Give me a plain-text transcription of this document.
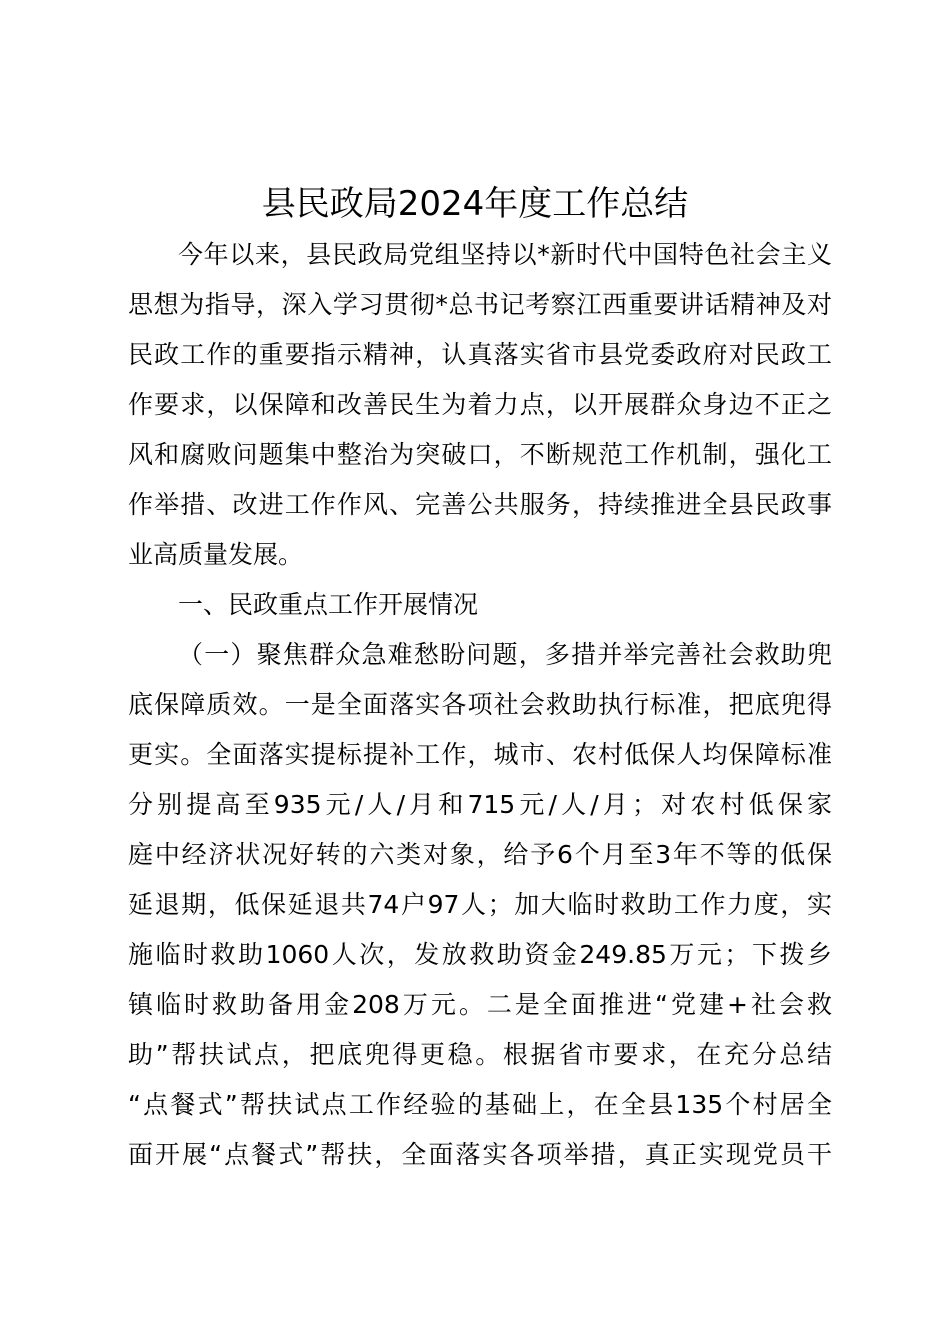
县民政局2024年度工作总结
今年以来，县民政局党组坚持以*新时代中国特色社会主义
思想为指导，深入学习贯彻*总书记考察江西重要讲话精神及对
民政工作的重要指示精神，认真落实省市县党委政府对民政工
作要求，以保障和改善民生为着力点，以开展群众身边不正之
风和腐败问题集中整治为突破口，不断规范工作机制，强化工
作举措、改进工作作风、完善公共服务，持续推进全县民政事
业高质量发展。
一、民政重点工作开展情况
（一）聚焦群众急难愁盼问题，多措并举完善社会救助兜
底保障质效。一是全面落实各项社会救助执行标准，把底兜得
更实。全面落实提标提补工作，城市、农村低保人均保障标准
分别提高至935元/人/月和715元/人/月；对农村低保家
庭中经济状况好转的六类对象，给予6个月至3年不等的低保
延退期，低保延退共74户97人；加大临时救助工作力度，实
施临时救助1060人次，发放救助资金249.85万元；下拨乡
镇临时救助备用金208万元。二是全面推进“党建+社会救
助”帮扶试点，把底兜得更稳。根据省市要求，在充分总结
“点餐式”帮扶试点工作经验的基础上，在全县135个村居全
面开展“点餐式”帮扶，全面落实各项举措，真正实现党员干
